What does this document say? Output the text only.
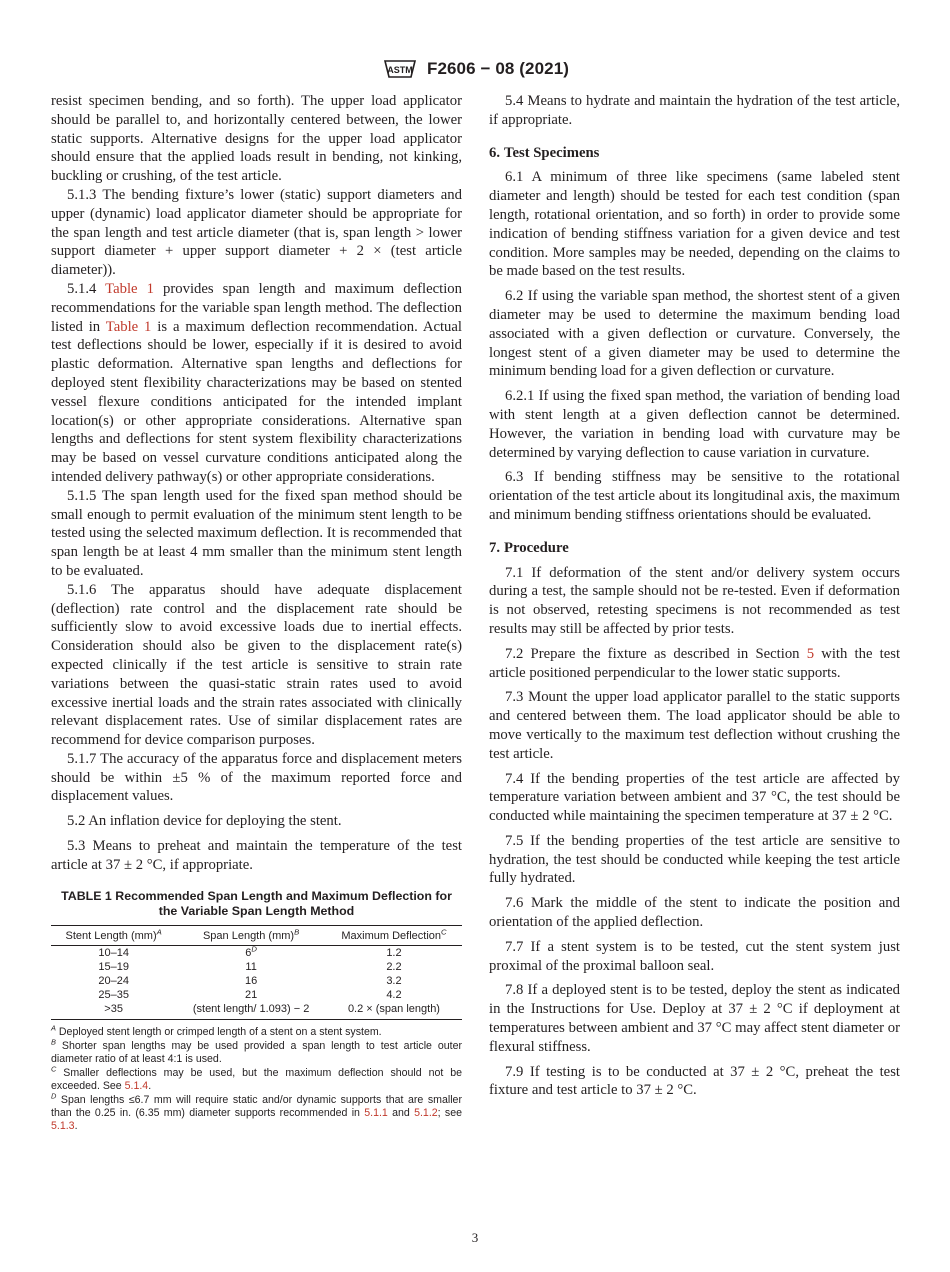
ASTM F2606 − 08 (2021)

resist specimen bending, and so forth). The upper load applicator should be parallel to, and horizontally centered between, the lower static supports. Alternative designs for the upper load applicator should ensure that the applied loads result in bending, not kinking, buckling or crushing, of the test article.

5.1.3 The bending fixture’s lower (static) support diameters and upper (dynamic) load applicator diameter should be appropriate for the span length and test article diameter (that is, span length > lower support diameter + upper support diameter + 2 × (test article diameter)).

5.1.4 Table 1 provides span length and maximum deflection recommendations for the variable span length method. The deflection listed in Table 1 is a maximum deflection recommendation. Actual test deflections should be lower, especially if it is desired to avoid plastic deformation. Alternative span lengths and deflections for deployed stent flexibility characterizations may be based on stented vessel flexure conditions anticipated for the intended implant location(s) or other appropriate considerations. Alternative span lengths and deflections for stent system flexibility characterizations may be based on vessel curvature conditions anticipated along the intended delivery pathway(s) or other appropriate considerations.

5.1.5 The span length used for the fixed span method should be small enough to permit evaluation of the minimum stent length to be tested using the selected maximum deflection. It is recommended that span length be at least 4 mm smaller than the minimum stent length to be evaluated.

5.1.6 The apparatus should have adequate displacement (deflection) rate control and the displacement rate should be sufficiently slow to avoid excessive loads due to inertial effects. Consideration should also be given to the displacement rate(s) expected clinically if the test article is sensitive to strain rate variations between the quasi-static strain rates used to avoid excessive inertial loads and the strain rates associated with clinically relevant displacement rates. Use of similar displacement rates are recommend for device comparison purposes.

5.1.7 The accuracy of the apparatus force and displacement meters should be within ±5 % of the maximum reported force and displacement values.

5.2 An inflation device for deploying the stent.

5.3 Means to preheat and maintain the temperature of the test article at 37 ± 2 °C, if appropriate.

TABLE 1 Recommended Span Length and Maximum Deflection for the Variable Span Length Method
Stent Length (mm)$^A$	Span Length (mm)$^B$	Maximum Deflection$^C$
10–14	$6^D$	1.2
15–19	11	2.2
20–24	16	3.2
25–35	21	4.2
>35	(stent length/ 1.093) − 2	0.2 × (span length)
$^A$ Deployed stent length or crimped length of a stent on a stent system.
$^B$ Shorter span lengths may be used provided a span length to test article outer diameter ratio of at least 4:1 is used.
$^C$ Smaller deflections may be used, but the maximum deflection should not be exceeded. See 5.1.4.
$^D$ Span lengths ≤6.7 mm will require static and/or dynamic supports that are smaller than the 0.25 in. (6.35 mm) diameter supports recommended in 5.1.1 and 5.1.2; see 5.1.3.

5.4 Means to hydrate and maintain the hydration of the test article, if appropriate.

6. Test Specimens

6.1 A minimum of three like specimens (same labeled stent diameter and length) should be tested for each test condition (span length, rotational orientation, and so forth) in order to provide some indication of bending stiffness variation for a given device and test condition. More samples may be needed, depending on the claims to be made based on the test results.

6.2 If using the variable span method, the shortest stent of a given diameter may be used to determine the maximum bending load associated with a given deflection or curvature. Conversely, the longest stent of a given diameter may be used to determine the minimum bending load for a given deflection or curvature.

6.2.1 If using the fixed span method, the variation of bending load with stent length at a given deflection cannot be determined. However, the variation in bending load with curvature may be determined by varying deflection to cause variation in curvature.

6.3 If bending stiffness may be sensitive to the rotational orientation of the test article about its longitudinal axis, the maximum and minimum bending stiffness orientations should be evaluated.

7. Procedure

7.1 If deformation of the stent and/or delivery system occurs during a test, the sample should not be re-tested. Even if deformation is not observed, retesting specimens is not recommended as test results may still be affected by prior tests.

7.2 Prepare the fixture as described in Section 5 with the test article positioned perpendicular to the lower static supports.

7.3 Mount the upper load applicator parallel to the static supports and centered between them. The load applicator should be able to move vertically to the maximum test deflection without crushing the test article.

7.4 If the bending properties of the test article are affected by temperature variation between ambient and 37 °C, the test should be conducted while maintaining the specimen temperature at 37 ± 2 °C.

7.5 If the bending properties of the test article are sensitive to hydration, the test should be conducted while keeping the test article fully hydrated.

7.6 Mark the middle of the stent to indicate the position and orientation of the applied deflection.

7.7 If a stent system is to be tested, cut the stent system just proximal of the proximal balloon seal.

7.8 If a deployed stent is to be tested, deploy the stent as indicated in the Instructions for Use. Deploy at 37 ± 2 °C if deployment at temperatures between ambient and 37 °C may affect stent diameter or flexural stiffness.

7.9 If testing is to be conducted at 37 ± 2 °C, preheat the test fixture and test article to 37 ± 2 °C.

3
